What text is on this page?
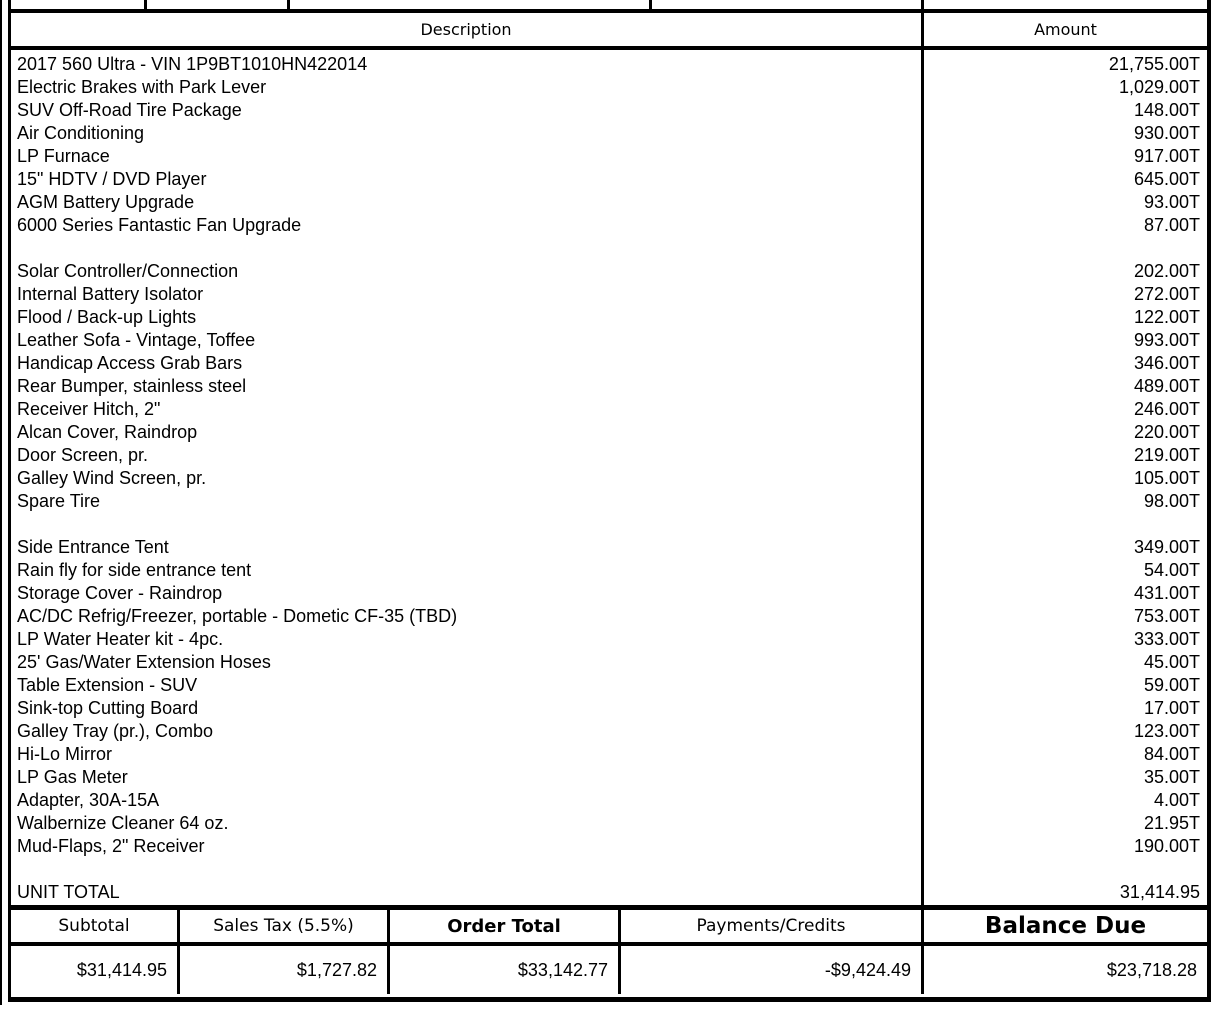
Description	Amount
2017 560 Ultra - VIN 1P9BT1010HN422014	21,755.00T
Electric Brakes with Park Lever	1,029.00T
SUV Off-Road Tire Package	148.00T
Air Conditioning	930.00T
LP Furnace	917.00T
15" HDTV / DVD Player	645.00T
AGM Battery Upgrade	93.00T
6000 Series Fantastic Fan Upgrade	87.00T
Solar Controller/Connection	202.00T
Internal Battery Isolator	272.00T
Flood / Back-up Lights	122.00T
Leather Sofa - Vintage, Toffee	993.00T
Handicap Access Grab Bars	346.00T
Rear Bumper, stainless steel	489.00T
Receiver Hitch, 2"	246.00T
Alcan Cover, Raindrop	220.00T
Door Screen, pr.	219.00T
Galley Wind Screen, pr.	105.00T
Spare Tire	98.00T
Side Entrance Tent	349.00T
Rain fly for side entrance tent	54.00T
Storage Cover - Raindrop	431.00T
AC/DC Refrig/Freezer, portable - Dometic CF-35 (TBD)	753.00T
LP Water Heater kit - 4pc.	333.00T
25' Gas/Water Extension Hoses	45.00T
Table Extension - SUV	59.00T
Sink-top Cutting Board	17.00T
Galley Tray (pr.), Combo	123.00T
Hi-Lo Mirror	84.00T
LP Gas Meter	35.00T
Adapter, 30A-15A	4.00T
Walbernize Cleaner 64 oz.	21.95T
Mud-Flaps, 2" Receiver	190.00T
UNIT TOTAL	31,414.95
Subtotal	Sales Tax (5.5%)	Order Total	Payments/Credits	Balance Due
$31,414.95	$1,727.82	$33,142.77	-$9,424.49	$23,718.28
